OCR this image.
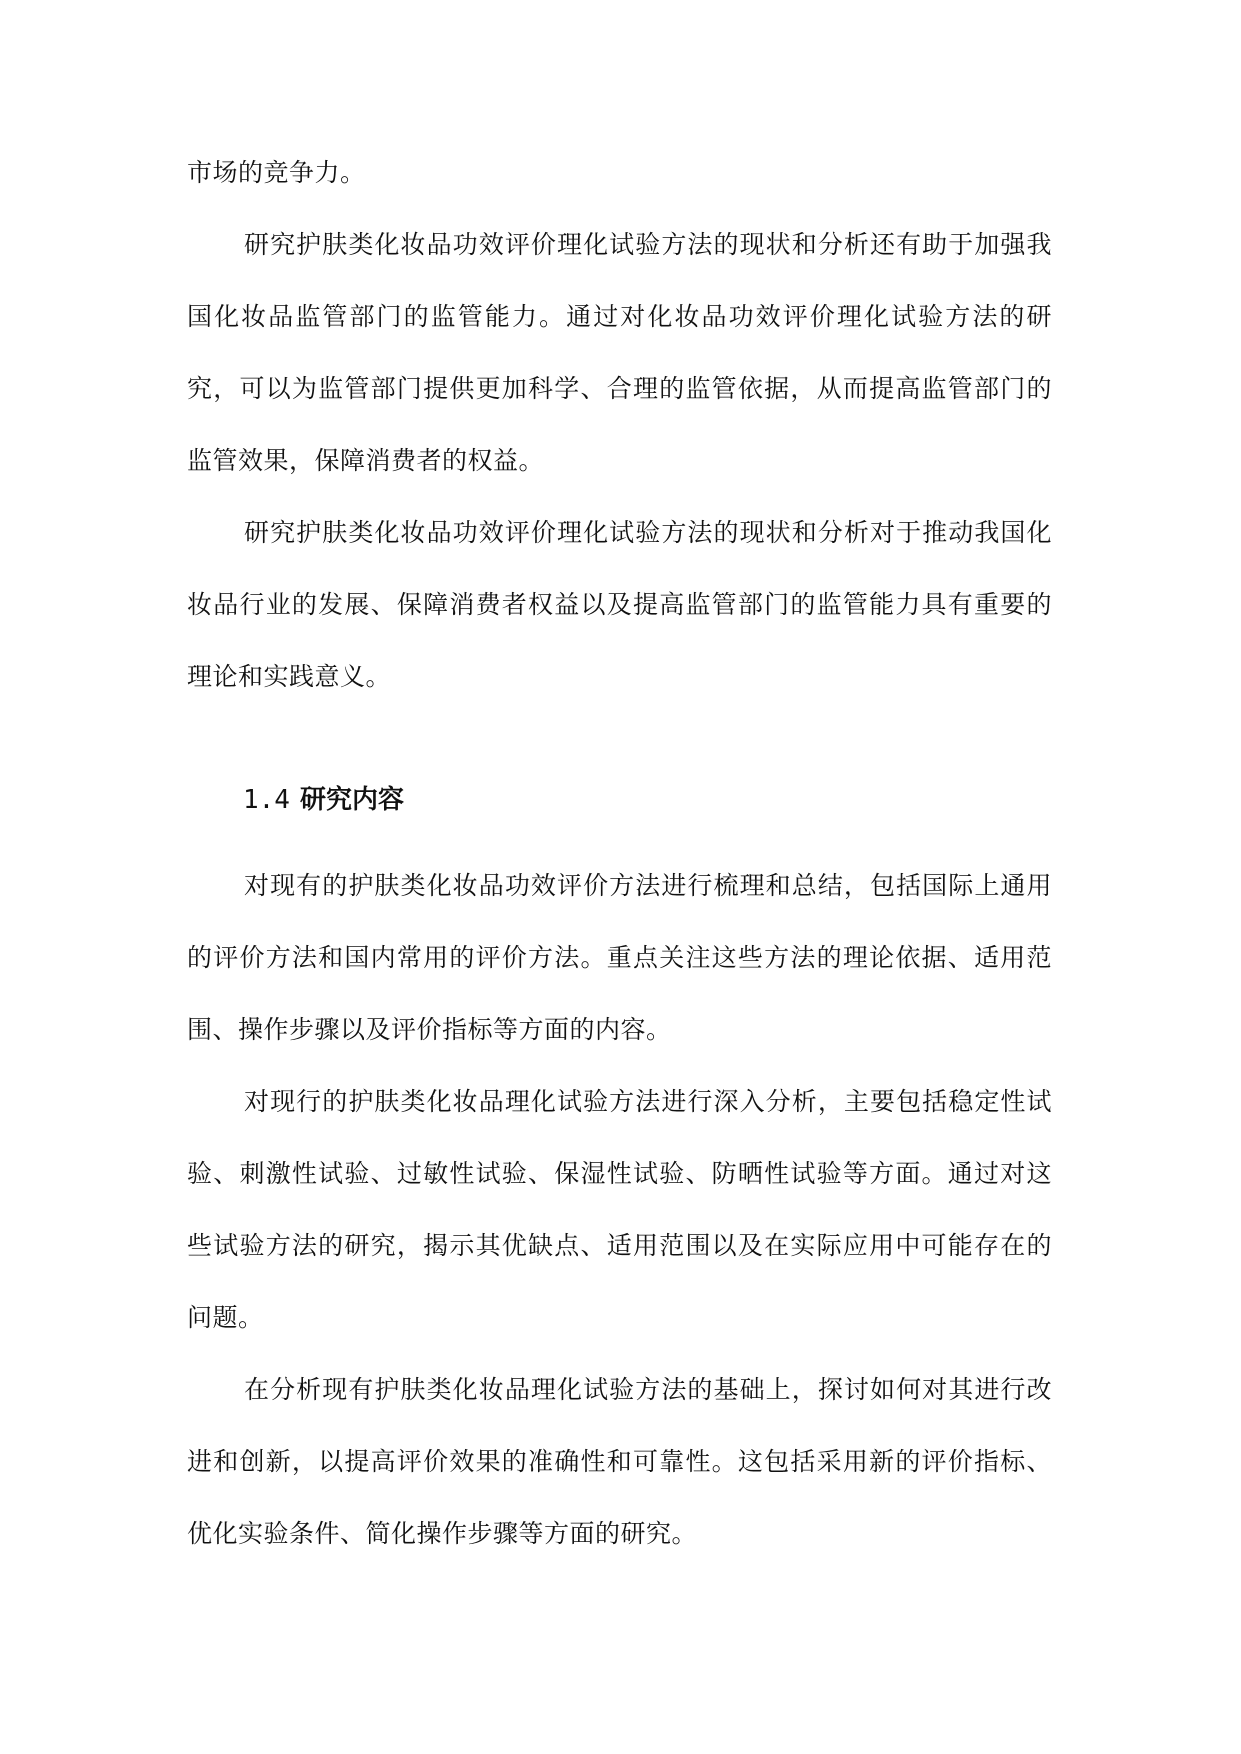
市场的竞争力。

研究护肤类化妆品功效评价理化试验方法的现状和分析还有助于加强我国化妆品监管部门的监管能力。通过对化妆品功效评价理化试验方法的研究，可以为监管部门提供更加科学、合理的监管依据，从而提高监管部门的监管效果，保障消费者的权益。

研究护肤类化妆品功效评价理化试验方法的现状和分析对于推动我国化妆品行业的发展、保障消费者权益以及提高监管部门的监管能力具有重要的理论和实践意义。

1.4 研究内容

对现有的护肤类化妆品功效评价方法进行梳理和总结，包括国际上通用的评价方法和国内常用的评价方法。重点关注这些方法的理论依据、适用范围、操作步骤以及评价指标等方面的内容。

对现行的护肤类化妆品理化试验方法进行深入分析，主要包括稳定性试验、刺激性试验、过敏性试验、保湿性试验、防晒性试验等方面。通过对这些试验方法的研究，揭示其优缺点、适用范围以及在实际应用中可能存在的问题。

在分析现有护肤类化妆品理化试验方法的基础上，探讨如何对其进行改进和创新，以提高评价效果的准确性和可靠性。这包括采用新的评价指标、优化实验条件、简化操作步骤等方面的研究。
